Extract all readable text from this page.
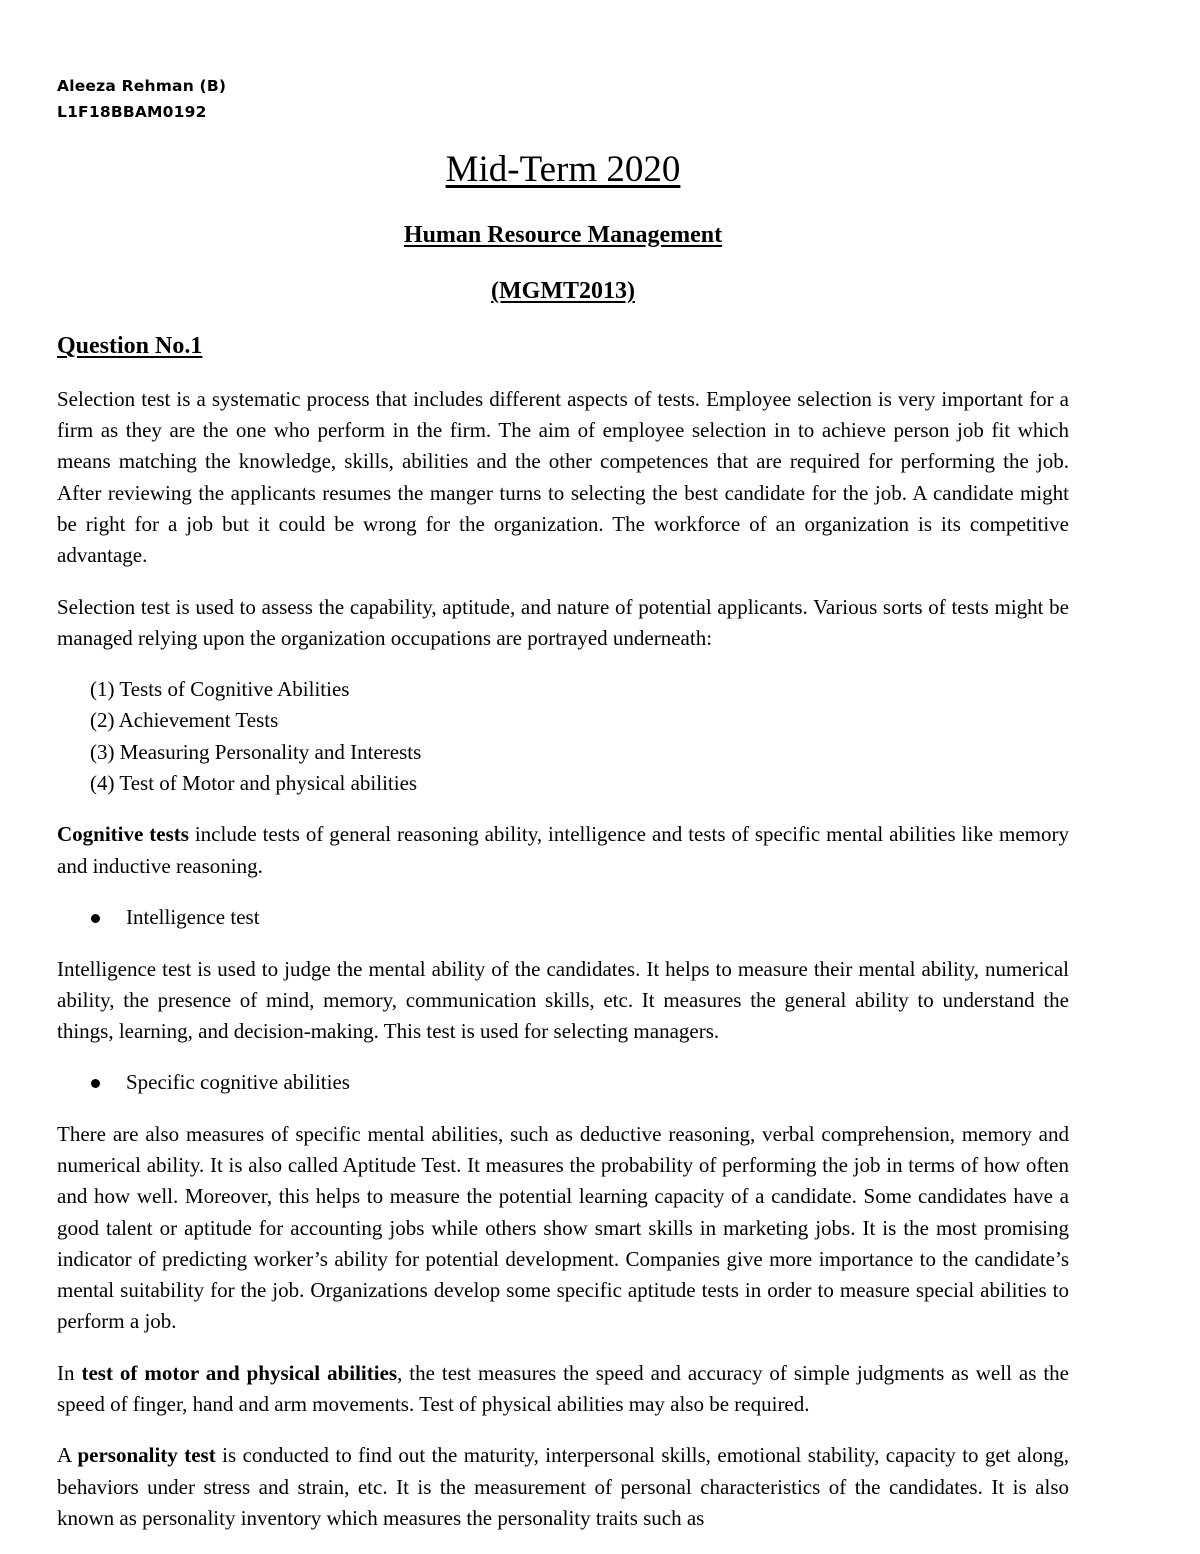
Aleeza Rehman (B)
L1F18BBAM0192
Mid-Term 2020
Human Resource Management
(MGMT2013)
Question No.1

Selection test is a systematic process that includes different aspects of tests. Employee selection is very important for a firm as they are the one who perform in the firm. The aim of employee selection in to achieve person job fit which means matching the knowledge, skills, abilities and the other competences that are required for performing the job. After reviewing the applicants resumes the manger turns to selecting the best candidate for the job. A candidate might be right for a job but it could be wrong for the organization. The workforce of an organization is its competitive advantage.

Selection test is used to assess the capability, aptitude, and nature of potential applicants. Various sorts of tests might be managed relying upon the organization occupations are portrayed underneath:

(1) Tests of Cognitive Abilities
(2) Achievement Tests
(3) Measuring Personality and Interests
(4) Test of Motor and physical abilities

Cognitive tests include tests of general reasoning ability, intelligence and tests of specific mental abilities like memory and inductive reasoning.

Intelligence test

Intelligence test is used to judge the mental ability of the candidates. It helps to measure their mental ability, numerical ability, the presence of mind, memory, communication skills, etc. It measures the general ability to understand the things, learning, and decision-making. This test is used for selecting managers.

Specific cognitive abilities

There are also measures of specific mental abilities, such as deductive reasoning, verbal comprehension, memory and numerical ability. It is also called Aptitude Test. It measures the probability of performing the job in terms of how often and how well. Moreover, this helps to measure the potential learning capacity of a candidate. Some candidates have a good talent or aptitude for accounting jobs while others show smart skills in marketing jobs. It is the most promising indicator of predicting worker’s ability for potential development. Companies give more importance to the candidate’s mental suitability for the job. Organizations develop some specific aptitude tests in order to measure special abilities to perform a job.

In test of motor and physical abilities, the test measures the speed and accuracy of simple judgments as well as the speed of finger, hand and arm movements. Test of physical abilities may also be required.

A personality test is conducted to find out the maturity, interpersonal skills, emotional stability, capacity to get along, behaviors under stress and strain, etc. It is the measurement of personal characteristics of the candidates. It is also known as personality inventory which measures the personality traits such as
